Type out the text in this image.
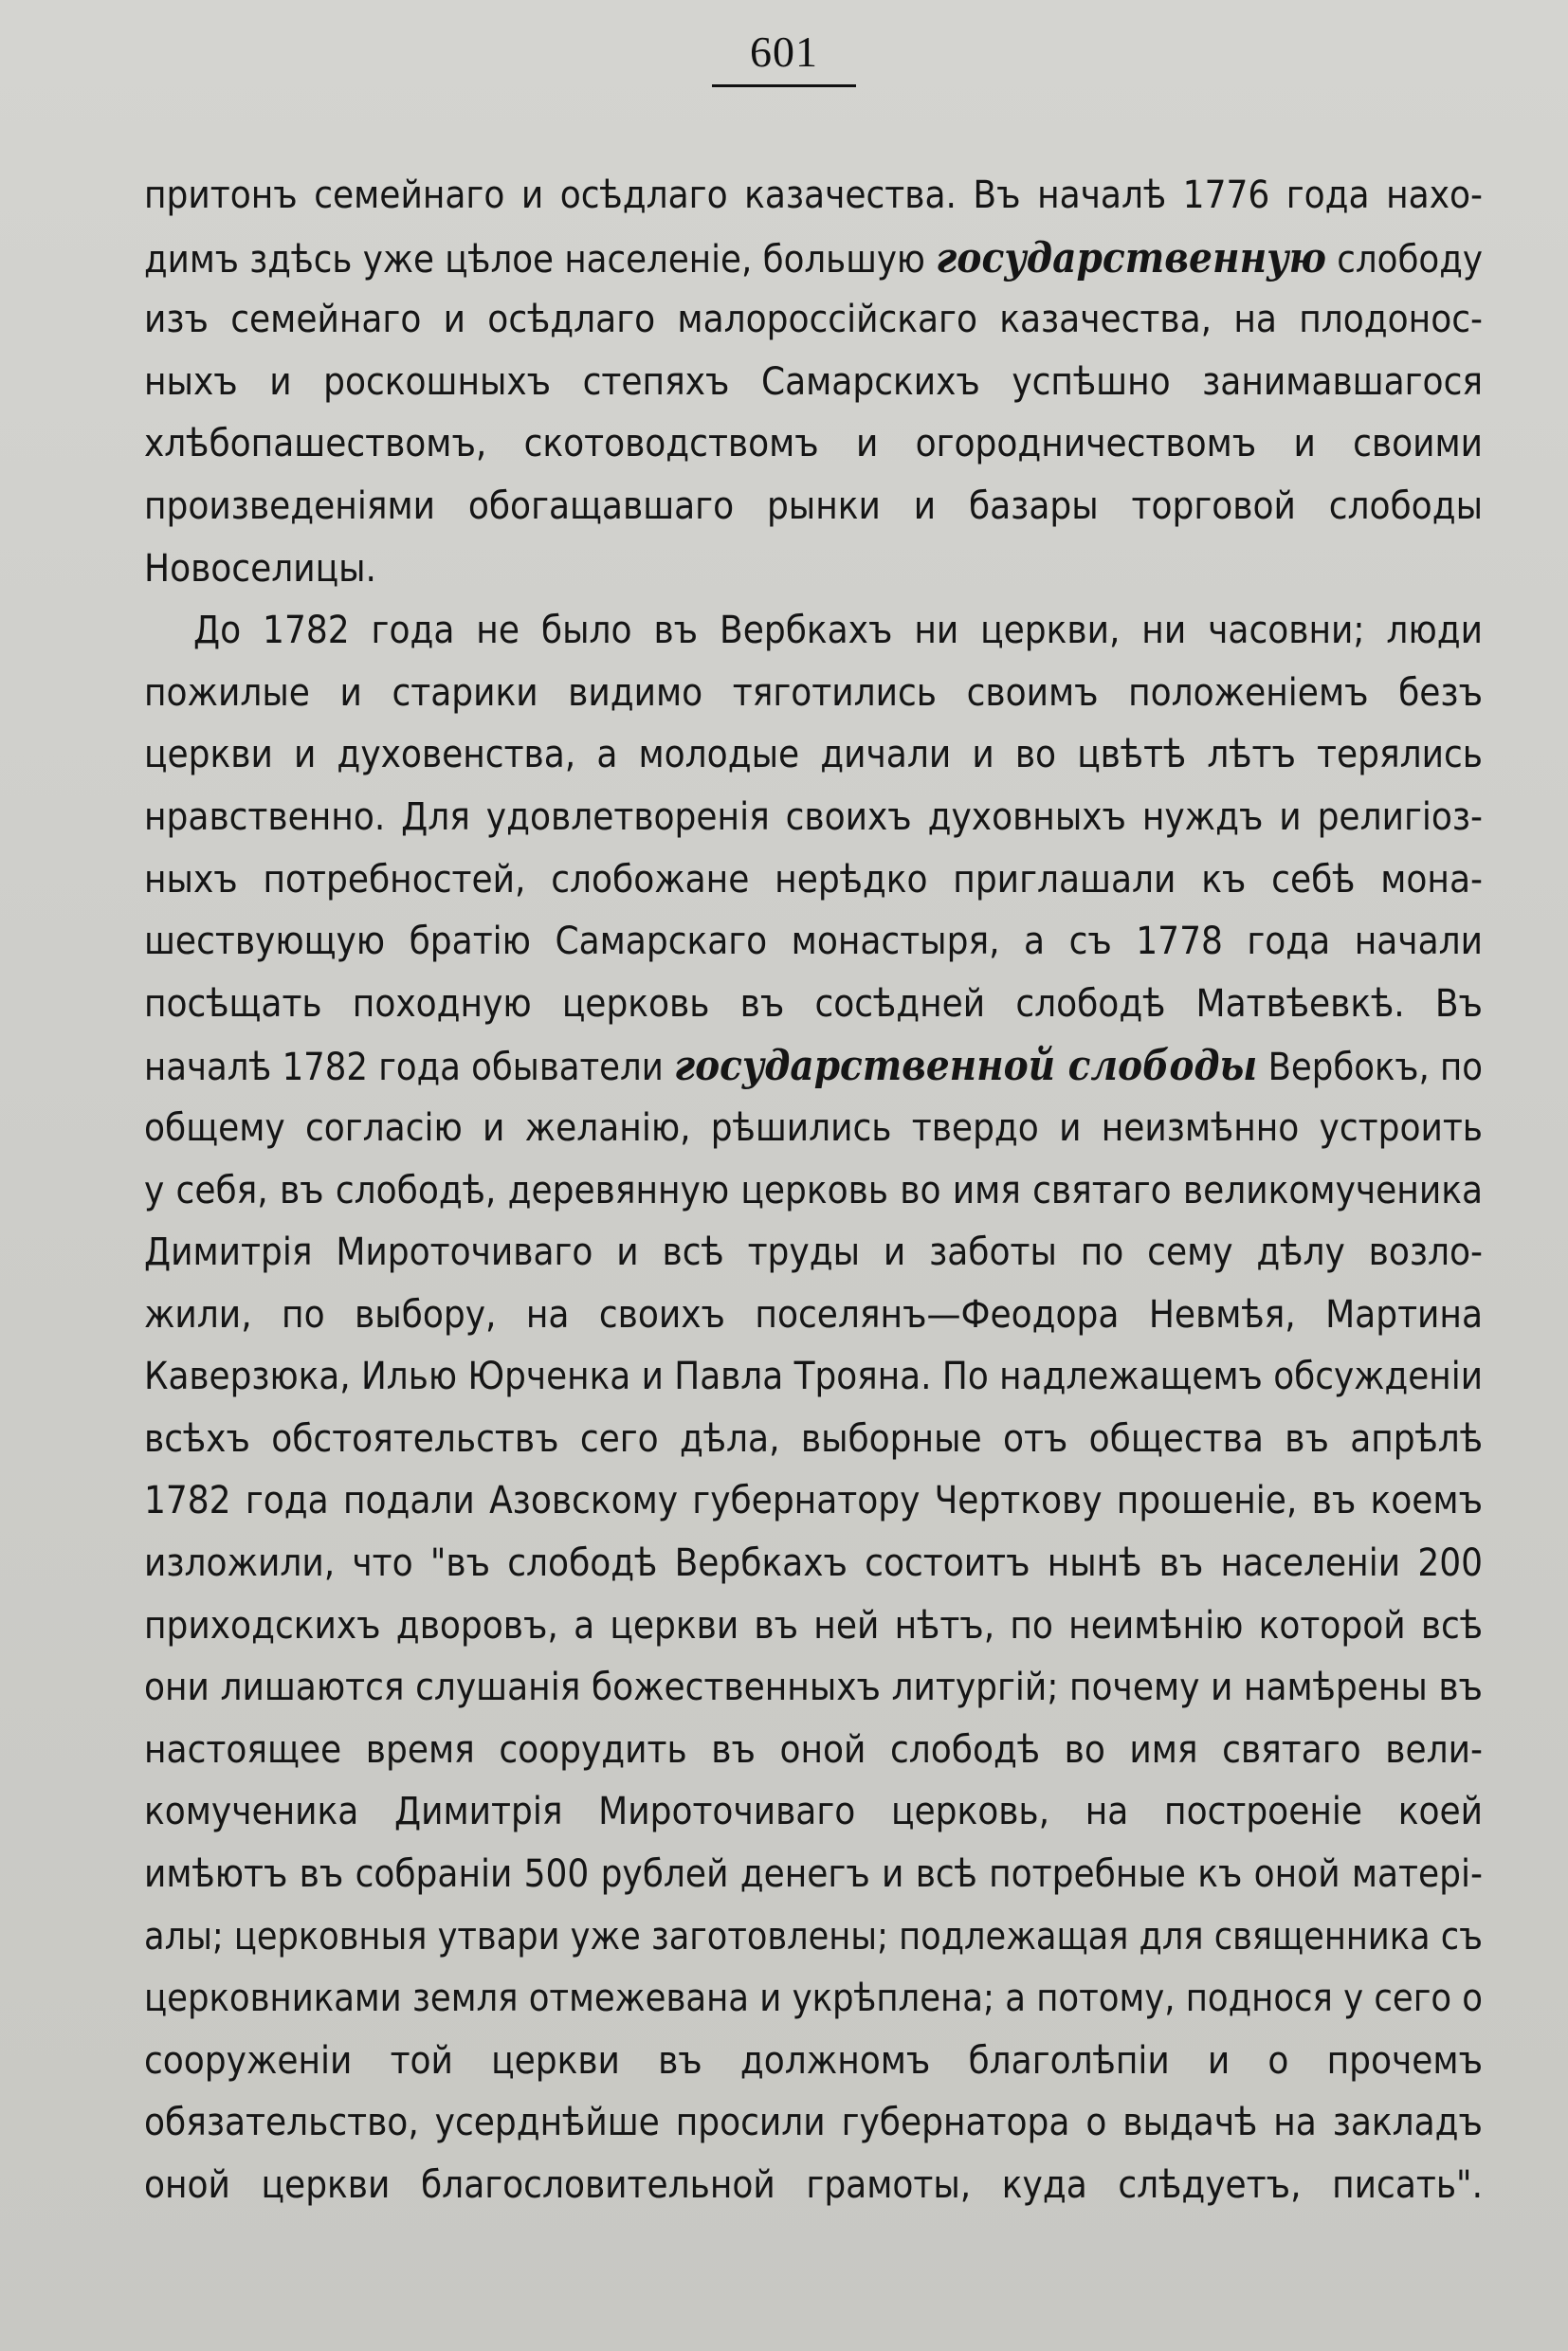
601
притонъ семейнаго и осѣдлаго казачества. Въ началѣ 1776 года нахо-
димъ здѣсь уже цѣлое населеніе, большую государственную слободу
изъ семейнаго и осѣдлаго малороссійскаго казачества, на плодонос-
ныхъ и роскошныхъ степяхъ Самарскихъ успѣшно занимавшагося
хлѣбопашествомъ, скотоводствомъ и огородничествомъ и своими
произведеніями обогащавшаго рынки и базары торговой слободы
Новоселицы.
До 1782 года не было въ Вербкахъ ни церкви, ни часовни; люди
пожилые и старики видимо тяготились своимъ положеніемъ безъ
церкви и духовенства, а молодые дичали и во цвѣтѣ лѣтъ терялись
нравственно. Для удовлетворенія своихъ духовныхъ нуждъ и религіоз-
ныхъ потребностей, слобожане нерѣдко приглашали къ себѣ мона-
шествующую братію Самарскаго монастыря, а съ 1778 года начали
посѣщать походную церковь въ сосѣдней слободѣ Матвѣевкѣ. Въ
началѣ 1782 года обыватели государственной слободы Вербокъ, по
общему согласію и желанію, рѣшились твердо и неизмѣнно устроить
у себя, въ слободѣ, деревянную церковь во имя святаго великомученика
Димитрія Мироточиваго и всѣ труды и заботы по сему дѣлу возло-
жили, по выбору, на своихъ поселянъ—Феодора Невмѣя, Мартина
Каверзюка, Илью Юрченка и Павла Трояна. По надлежащемъ обсужденіи
всѣхъ обстоятельствъ сего дѣла, выборные отъ общества въ апрѣлѣ
1782 года подали Азовскому губернатору Черткову прошеніе, въ коемъ
изложили, что "въ слободѣ Вербкахъ состоитъ нынѣ въ населеніи 200
приходскихъ дворовъ, а церкви въ ней нѣтъ, по неимѣнію которой всѣ
они лишаются слушанія божественныхъ литургій; почему и намѣрены въ
настоящее время соорудить въ оной слободѣ во имя святаго вели-
комученика Димитрія Мироточиваго церковь, на построеніе коей
имѣютъ въ собраніи 500 рублей денегъ и всѣ потребные къ оной матері-
алы; церковныя утвари уже заготовлены; подлежащая для священника съ
церковниками земля отмежевана и укрѣплена; а потому, поднося у сего о
сооруженіи той церкви въ должномъ благолѣпіи и о прочемъ
обязательство, усерднѣйше просили губернатора о выдачѣ на закладъ
оной церкви благословительной грамоты, куда слѣдуетъ, писать".
